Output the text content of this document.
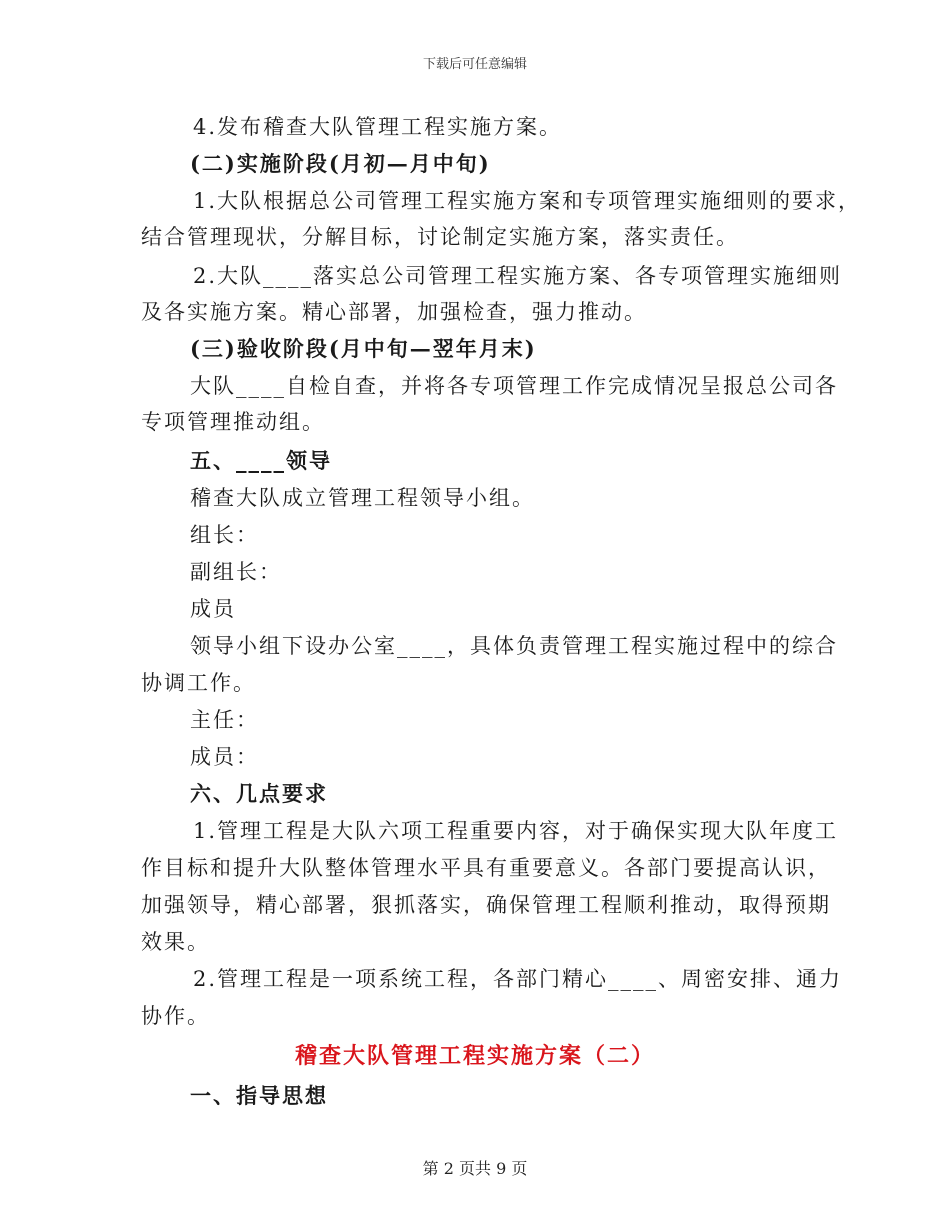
下载后可任意编辑
4.发布稽查大队管理工程实施方案。
(二)实施阶段(月初—月中旬)
1.大队根据总公司管理工程实施方案和专项管理实施细则的要求，
结合管理现状，分解目标，讨论制定实施方案，落实责任。
2.大队____落实总公司管理工程实施方案、各专项管理实施细则
及各实施方案。精心部署，加强检查，强力推动。
(三)验收阶段(月中旬—翌年月末)
大队____自检自查，并将各专项管理工作完成情况呈报总公司各
专项管理推动组。
五、____领导
稽查大队成立管理工程领导小组。
组长：
副组长：
成员
领导小组下设办公室____，具体负责管理工程实施过程中的综合
协调工作。
主任：
成员：
六、几点要求
1.管理工程是大队六项工程重要内容，对于确保实现大队年度工
作目标和提升大队整体管理水平具有重要意义。各部门要提高认识，
加强领导，精心部署，狠抓落实，确保管理工程顺利推动，取得预期
效果。
2.管理工程是一项系统工程，各部门精心____、周密安排、通力
协作。
稽查大队管理工程实施方案（二）
一、指导思想
第 2 页共 9 页
